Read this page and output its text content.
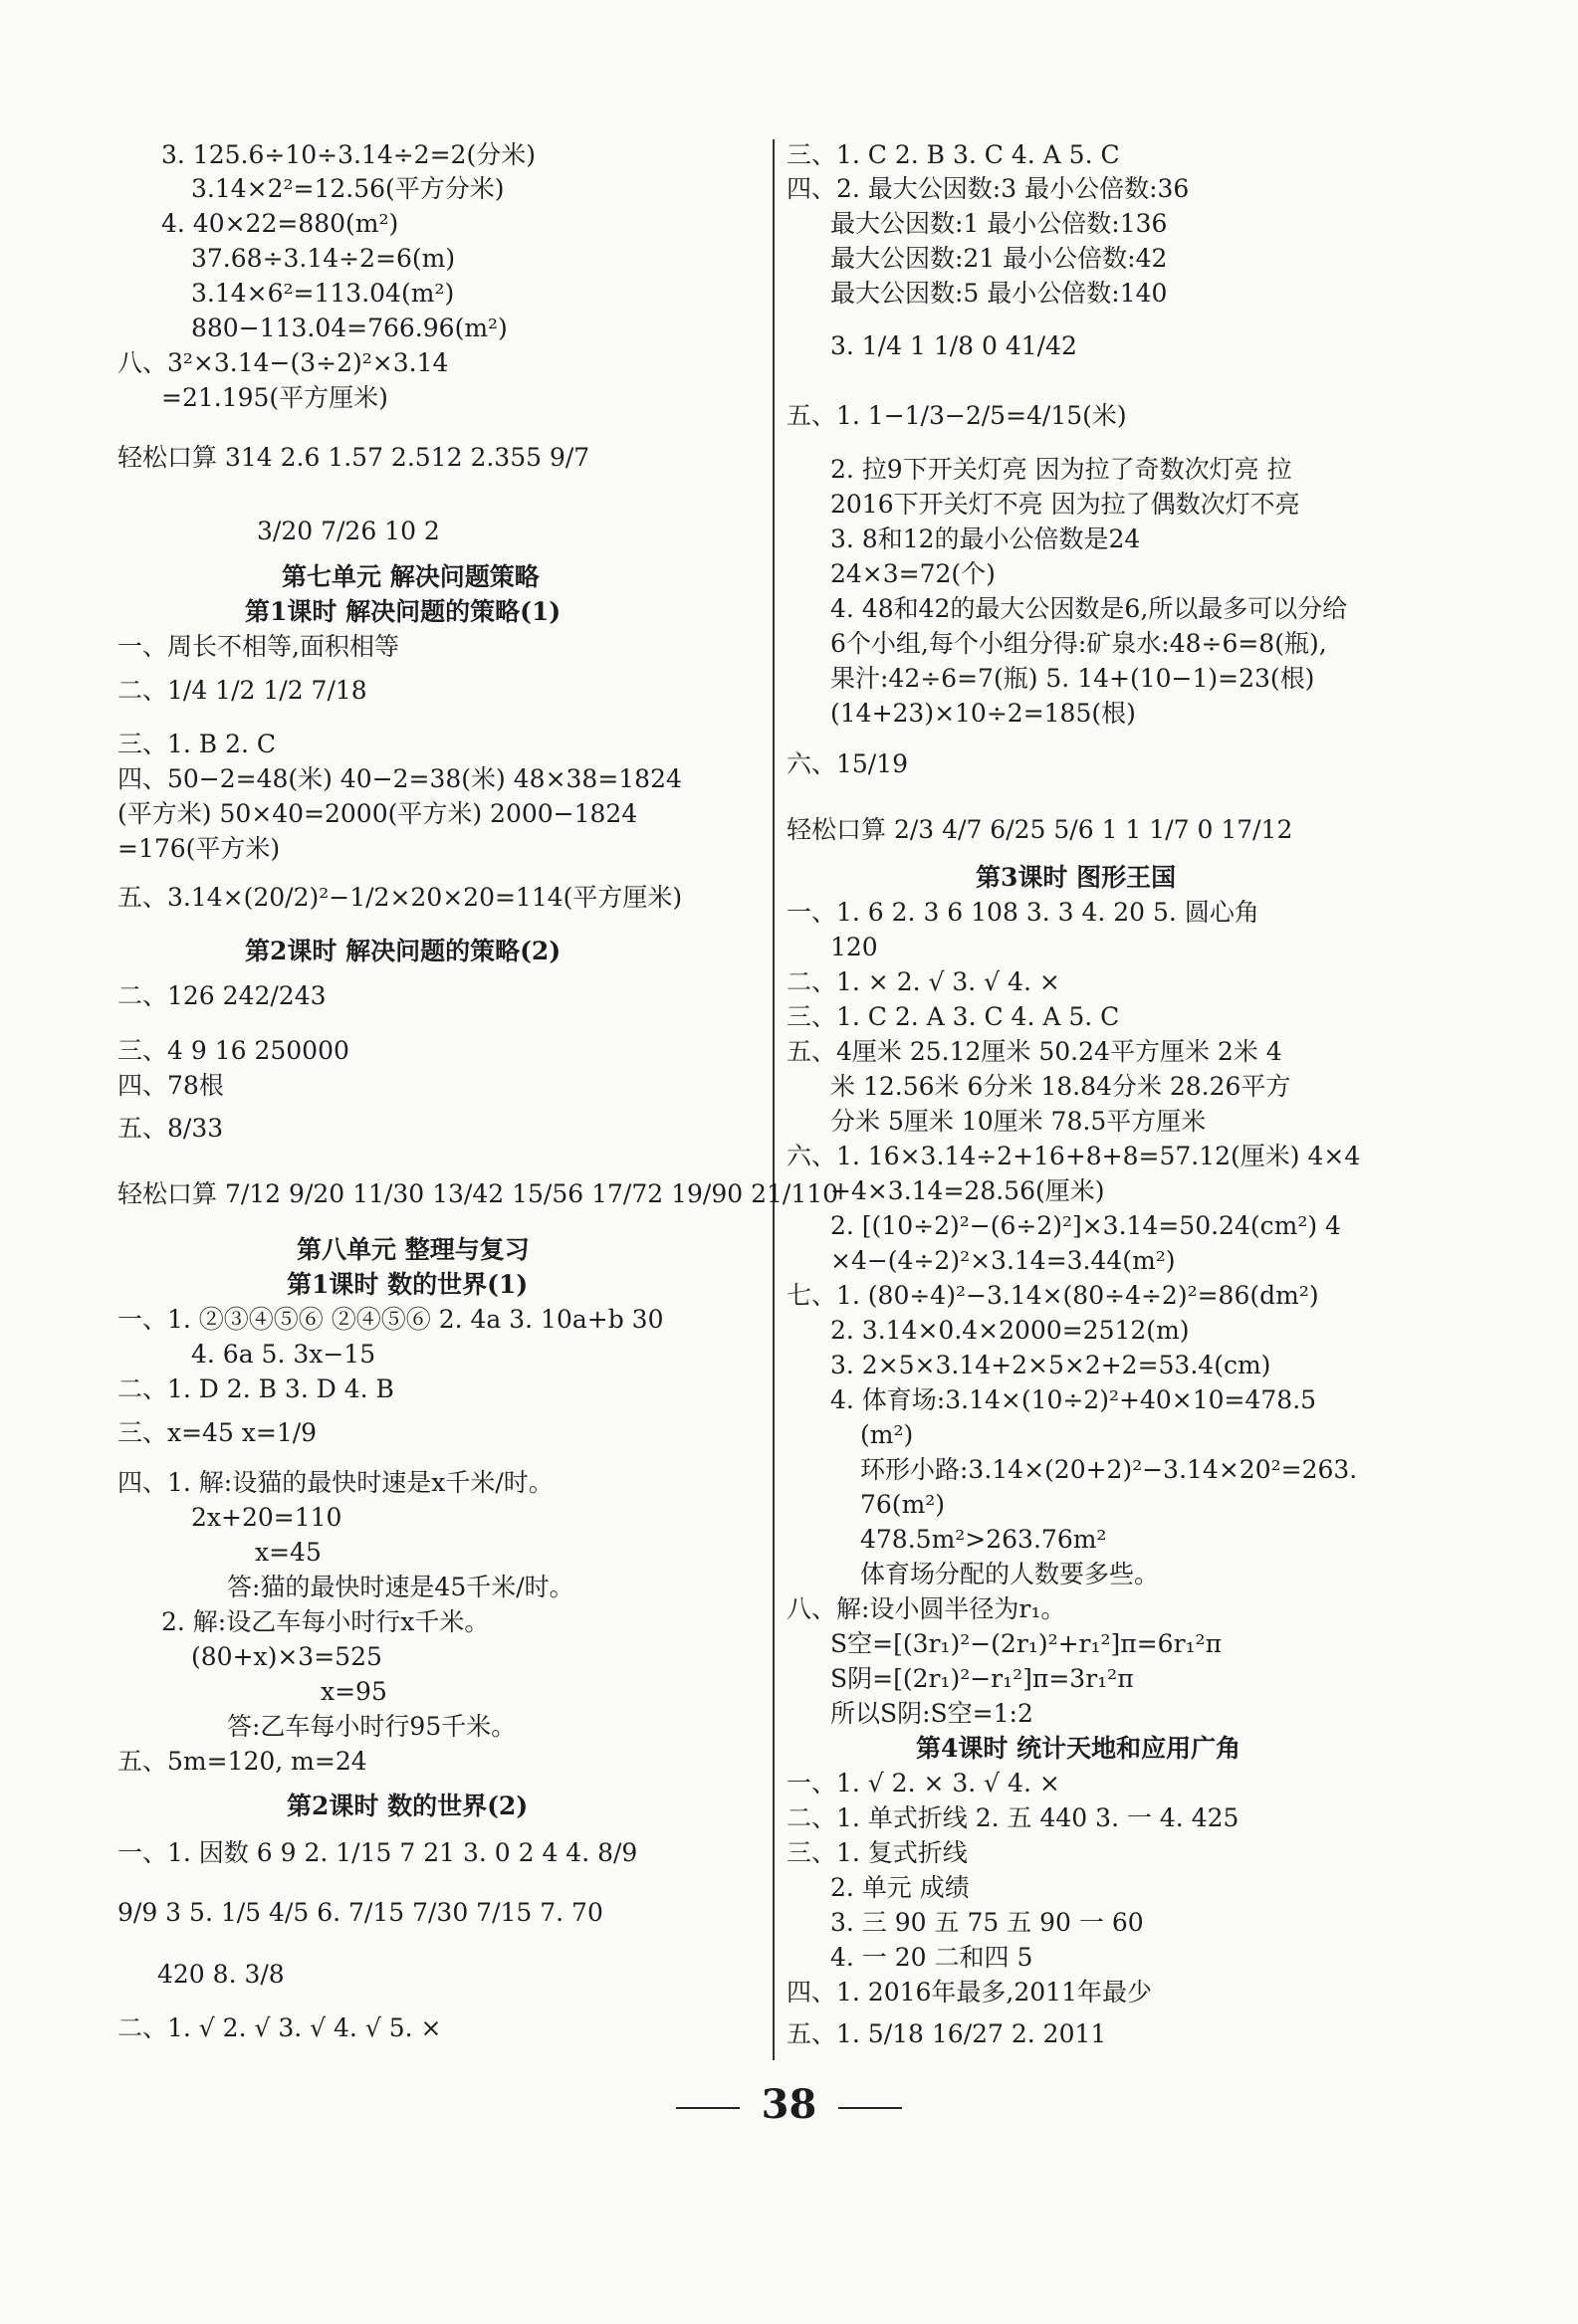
3. 125.6÷10÷3.14÷2=2(分米)
3.14×2²=12.56(平方分米)
4. 40×22=880(m²)
37.68÷3.14÷2=6(m)
3.14×6²=113.04(m²)
880−113.04=766.96(m²)
八、3²×3.14−(3÷2)²×3.14
=21.195(平方厘米)
轻松口算 314 2.6 1.57 2.512 2.355 9/7
3/20 7/26 10 2
第七单元 解决问题策略
第1课时 解决问题的策略(1)
一、周长不相等,面积相等
二、1/4 1/2 1/2 7/18
三、1. B 2. C
四、50−2=48(米) 40−2=38(米) 48×38=1824
(平方米) 50×40=2000(平方米) 2000−1824
=176(平方米)
五、3.14×(20/2)²−1/2×20×20=114(平方厘米)
第2课时 解决问题的策略(2)
二、126 242/243
三、4 9 16 250000
四、78根
五、8/33
轻松口算 7/12 9/20 11/30 13/42 15/56 17/72 19/90 21/110
第八单元 整理与复习
第1课时 数的世界(1)
一、1. ②③④⑤⑥ ②④⑤⑥ 2. 4a 3. 10a+b 30
4. 6a 5. 3x−15
二、1. D 2. B 3. D 4. B
三、x=45 x=1/9
四、1. 解:设猫的最快时速是x千米/时。
2x+20=110
x=45
答:猫的最快时速是45千米/时。
2. 解:设乙车每小时行x千米。
(80+x)×3=525
x=95
答:乙车每小时行95千米。
五、5m=120, m=24
第2课时 数的世界(2)
一、1. 因数 6 9 2. 1/15 7 21 3. 0 2 4 4. 8/9
9/9 3 5. 1/5 4/5 6. 7/15 7/30 7/15 7. 70
420 8. 3/8
二、1. √ 2. √ 3. √ 4. √ 5. ×
三、1. C 2. B 3. C 4. A 5. C
四、2. 最大公因数:3 最小公倍数:36
最大公因数:1 最小公倍数:136
最大公因数:21 最小公倍数:42
最大公因数:5 最小公倍数:140
3. 1/4 1 1/8 0 41/42
五、1. 1−1/3−2/5=4/15(米)
2. 拉9下开关灯亮 因为拉了奇数次灯亮 拉
2016下开关灯不亮 因为拉了偶数次灯不亮
3. 8和12的最小公倍数是24
24×3=72(个)
4. 48和42的最大公因数是6,所以最多可以分给
6个小组,每个小组分得:矿泉水:48÷6=8(瓶),
果汁:42÷6=7(瓶) 5. 14+(10−1)=23(根)
(14+23)×10÷2=185(根)
六、15/19
轻松口算 2/3 4/7 6/25 5/6 1 1 1/7 0 17/12
第3课时 图形王国
一、1. 6 2. 3 6 108 3. 3 4. 20 5. 圆心角
120
二、1. × 2. √ 3. √ 4. ×
三、1. C 2. A 3. C 4. A 5. C
五、4厘米 25.12厘米 50.24平方厘米 2米 4
米 12.56米 6分米 18.84分米 28.26平方
分米 5厘米 10厘米 78.5平方厘米
六、1. 16×3.14÷2+16+8+8=57.12(厘米) 4×4
+4×3.14=28.56(厘米)
2. [(10÷2)²−(6÷2)²]×3.14=50.24(cm²) 4
×4−(4÷2)²×3.14=3.44(m²)
七、1. (80÷4)²−3.14×(80÷4÷2)²=86(dm²)
2. 3.14×0.4×2000=2512(m)
3. 2×5×3.14+2×5×2+2=53.4(cm)
4. 体育场:3.14×(10÷2)²+40×10=478.5
(m²)
环形小路:3.14×(20+2)²−3.14×20²=263.
76(m²)
478.5m²>263.76m²
体育场分配的人数要多些。
八、解:设小圆半径为r₁。
S空=[(3r₁)²−(2r₁)²+r₁²]π=6r₁²π
S阴=[(2r₁)²−r₁²]π=3r₁²π
所以S阴:S空=1:2
第4课时 统计天地和应用广角
一、1. √ 2. × 3. √ 4. ×
二、1. 单式折线 2. 五 440 3. 一 4. 425
三、1. 复式折线
2. 单元 成绩
3. 三 90 五 75 五 90 一 60
4. 一 20 二和四 5
四、1. 2016年最多,2011年最少
五、1. 5/18 16/27 2. 2011
38
